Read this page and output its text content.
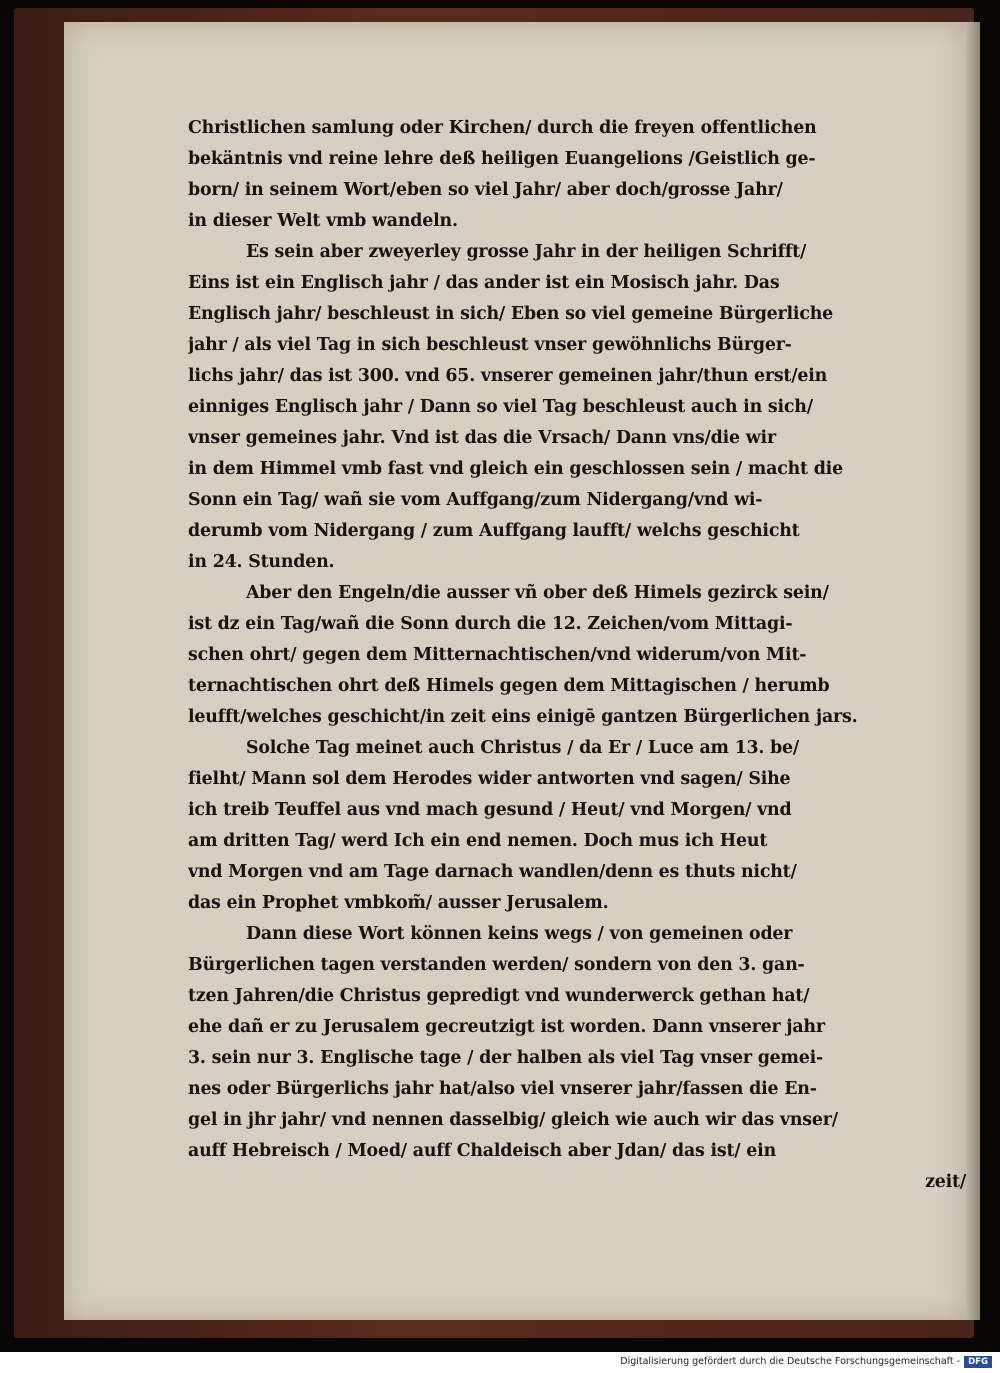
Christlichen samlung oder Kirchen/ durch die freyen offentlichen
bekäntnis vnd reine lehre deß heiligen Euangelions /Geistlich ge-
born/ in seinem Wort/eben so viel Jahr/ aber doch/grosse Jahr/
in dieser Welt vmb wandeln.
Es sein aber zweyerley grosse Jahr in der heiligen Schrifft/
Eins ist ein Englisch jahr / das ander ist ein Mosisch jahr. Das
Englisch jahr/ beschleust in sich/ Eben so viel gemeine Bürgerliche
jahr / als viel Tag in sich beschleust vnser gewöhnlichs Bürger-
lichs jahr/ das ist 300. vnd 65. vnserer gemeinen jahr/thun erst/ein
einniges Englisch jahr / Dann so viel Tag beschleust auch in sich/
vnser gemeines jahr. Vnd ist das die Vrsach/ Dann vns/die wir
in dem Himmel vmb fast vnd gleich ein geschlossen sein / macht die
Sonn ein Tag/ wañ sie vom Auffgang/zum Nidergang/vnd wi-
derumb vom Nidergang / zum Auffgang laufft/ welchs geschicht
in 24. Stunden.
Aber den Engeln/die ausser vñ ober deß Himels gezirck sein/
ist dz ein Tag/wañ die Sonn durch die 12. Zeichen/vom Mittagi-
schen ohrt/ gegen dem Mitternachtischen/vnd widerum/von Mit-
ternachtischen ohrt deß Himels gegen dem Mittagischen / herumb
leufft/welches geschicht/in zeit eins einigē gantzen Bürgerlichen jars.
Solche Tag meinet auch Christus / da Er / Luce am 13. be/
fielht/ Mann sol dem Herodes wider antworten vnd sagen/ Sihe
ich treib Teuffel aus vnd mach gesund / Heut/ vnd Morgen/ vnd
am dritten Tag/ werd Ich ein end nemen. Doch mus ich Heut
vnd Morgen vnd am Tage darnach wandlen/denn es thuts nicht/
das ein Prophet vmbkom̃/ ausser Jerusalem.
Dann diese Wort können keins wegs / von gemeinen oder
Bürgerlichen tagen verstanden werden/ sondern von den 3. gan-
tzen Jahren/die Christus gepredigt vnd wunderwerck gethan hat/
ehe dañ er zu Jerusalem gecreutzigt ist worden. Dann vnserer jahr
3. sein nur 3. Englische tage / der halben als viel Tag vnser gemei-
nes oder Bürgerlichs jahr hat/also viel vnserer jahr/fassen die En-
gel in jhr jahr/ vnd nennen dasselbig/ gleich wie auch wir das vnser/
auff Hebreisch / Moed/ auff Chaldeisch aber Jdan/ das ist/ ein
zeit/
Digitalisierung gefördert durch die Deutsche Forschungsgemeinschaft - DFG
